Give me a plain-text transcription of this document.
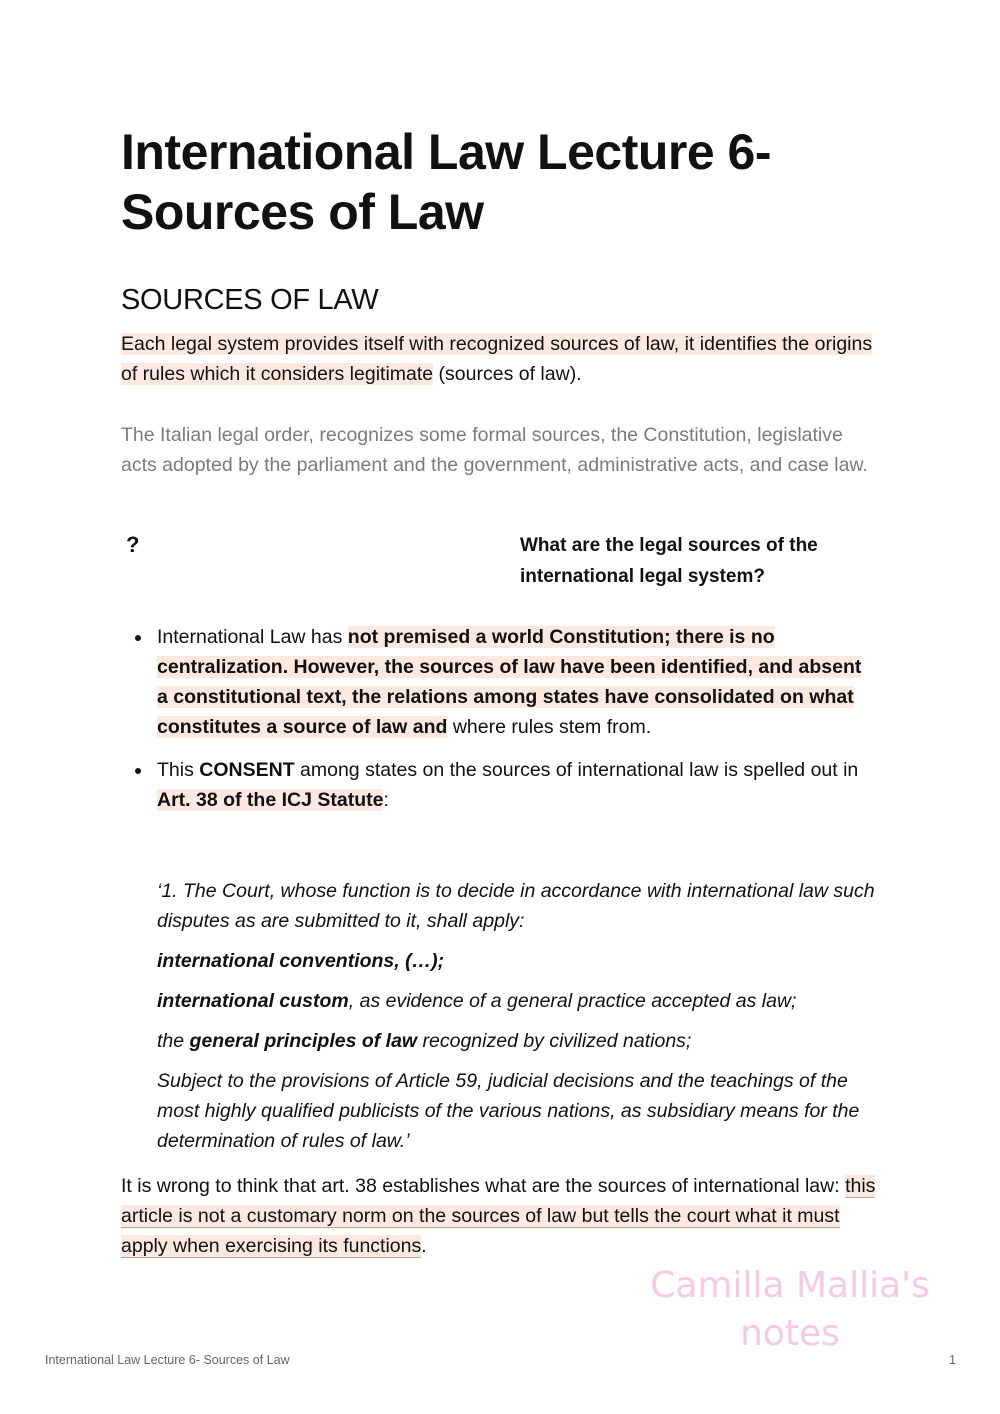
International Law Lecture 6- Sources of Law
SOURCES OF LAW

Each legal system provides itself with recognized sources of law, it identifies the origins of rules which it considers legitimate (sources of law).

The Italian legal order, recognizes some formal sources, the Constitution, legislative acts adopted by the parliament and the government, administrative acts, and case law.

?	What are the legal sources of the international legal system?

International Law has not premised a world Constitution; there is no centralization. However, the sources of law have been identified, and absent a constitutional text, the relations among states have consolidated on what constitutes a source of law and where rules stem from.
This CONSENT among states on the sources of international law is spelled out in Art. 38 of the ICJ Statute:

‘1. The Court, whose function is to decide in accordance with international law such disputes as are submitted to it, shall apply:

international conventions, (…);

international custom, as evidence of a general practice accepted as law;

the general principles of law recognized by civilized nations;

Subject to the provisions of Article 59, judicial decisions and the teachings of the most highly qualified publicists of the various nations, as subsidiary means for the determination of rules of law.’

It is wrong to think that art. 38 establishes what are the sources of international law: this article is not a customary norm on the sources of law but tells the court what it must apply when exercising its functions.

Camilla Mallia's notes
International Law Lecture 6- Sources of Law	1
